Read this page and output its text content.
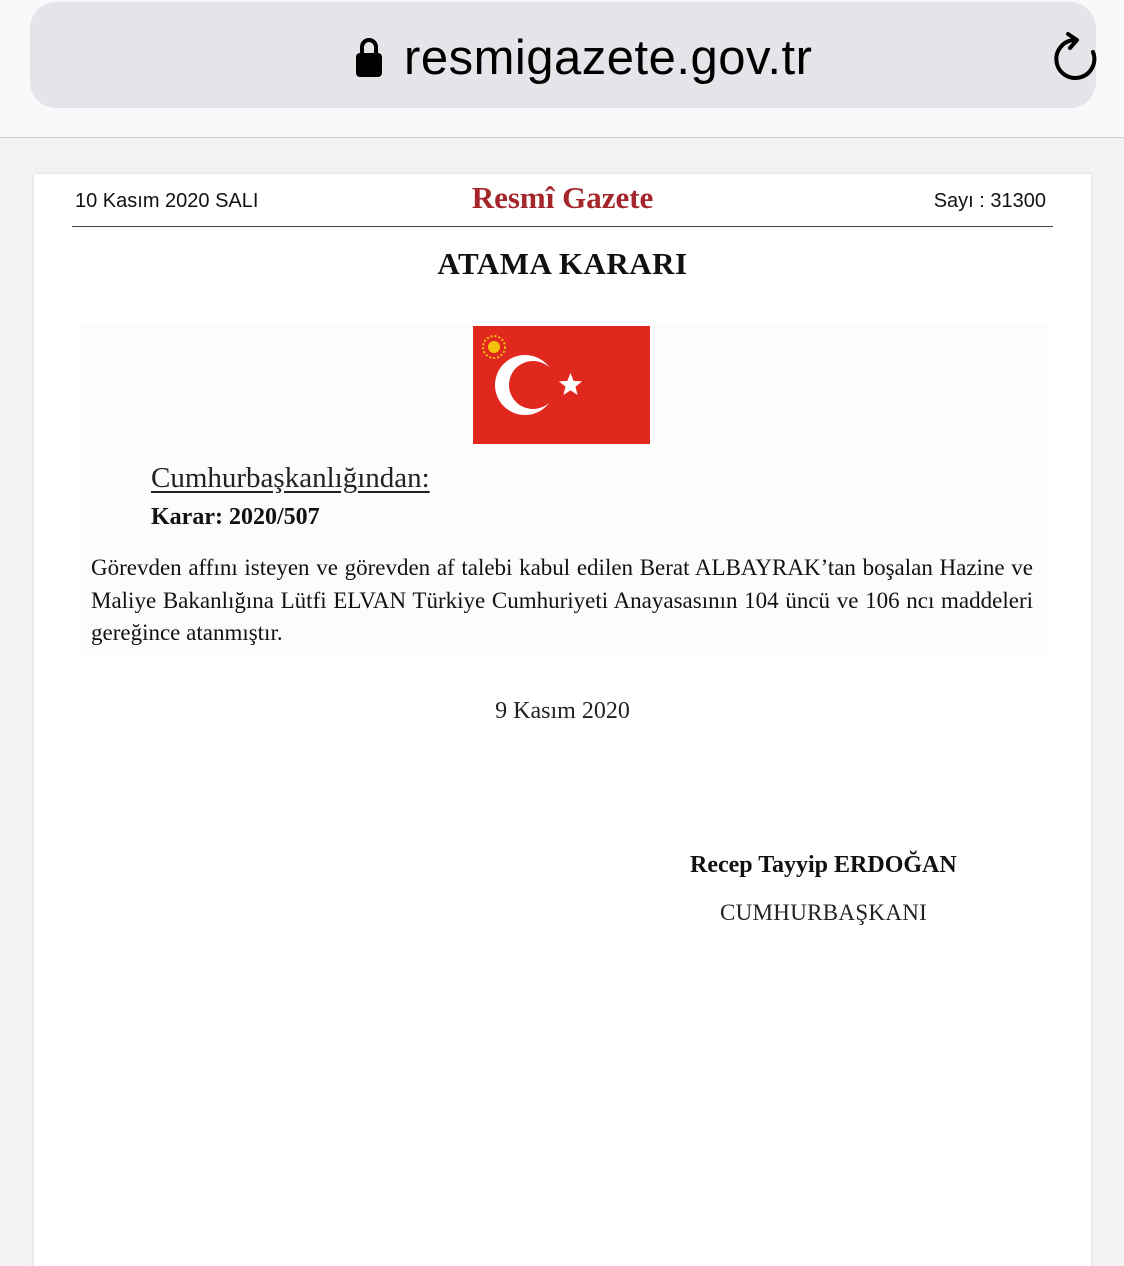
resmigazete.gov.tr
10 Kasım 2020 SALI	Resmî Gazete	Sayı : 31300
ATAMA KARARI
Cumhurbaşkanlığından:
Karar: 2020/507

Görevden affını isteyen ve görevden af talebi kabul edilen Berat ALBAYRAK’tan boşalan Hazine ve Maliye Bakanlığına Lütfi ELVAN Türkiye Cumhuriyeti Anayasasının 104 üncü ve 106 ncı maddeleri gereğince atanmıştır.

9 Kasım 2020
Recep Tayyip ERDOĞAN
CUMHURBAŞKANI
